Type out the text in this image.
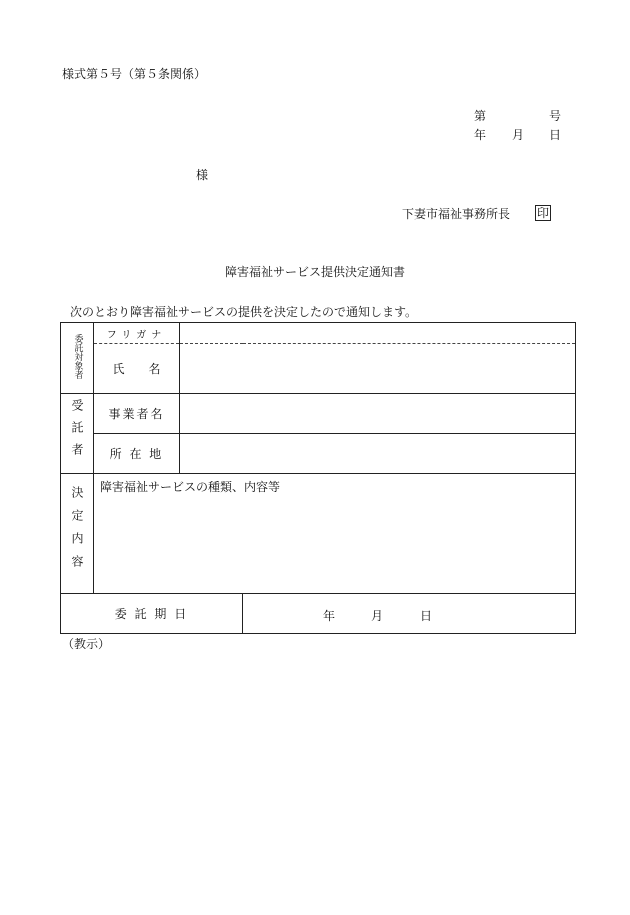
様式第５号（第５条関係）
第	号
年 月 日
様
下妻市福祉事務所長 印
障害福祉サービス提供決定通知書
次のとおり障害福祉サービスの提供を決定したので通知します。
委託対象者	フリガナ		
	氏　　名		
受託者	事業者名		
	所 在 地		
決定内容	障害福祉サービスの種類、内容等		
委 託 期 日			年 月 日
（教示）
